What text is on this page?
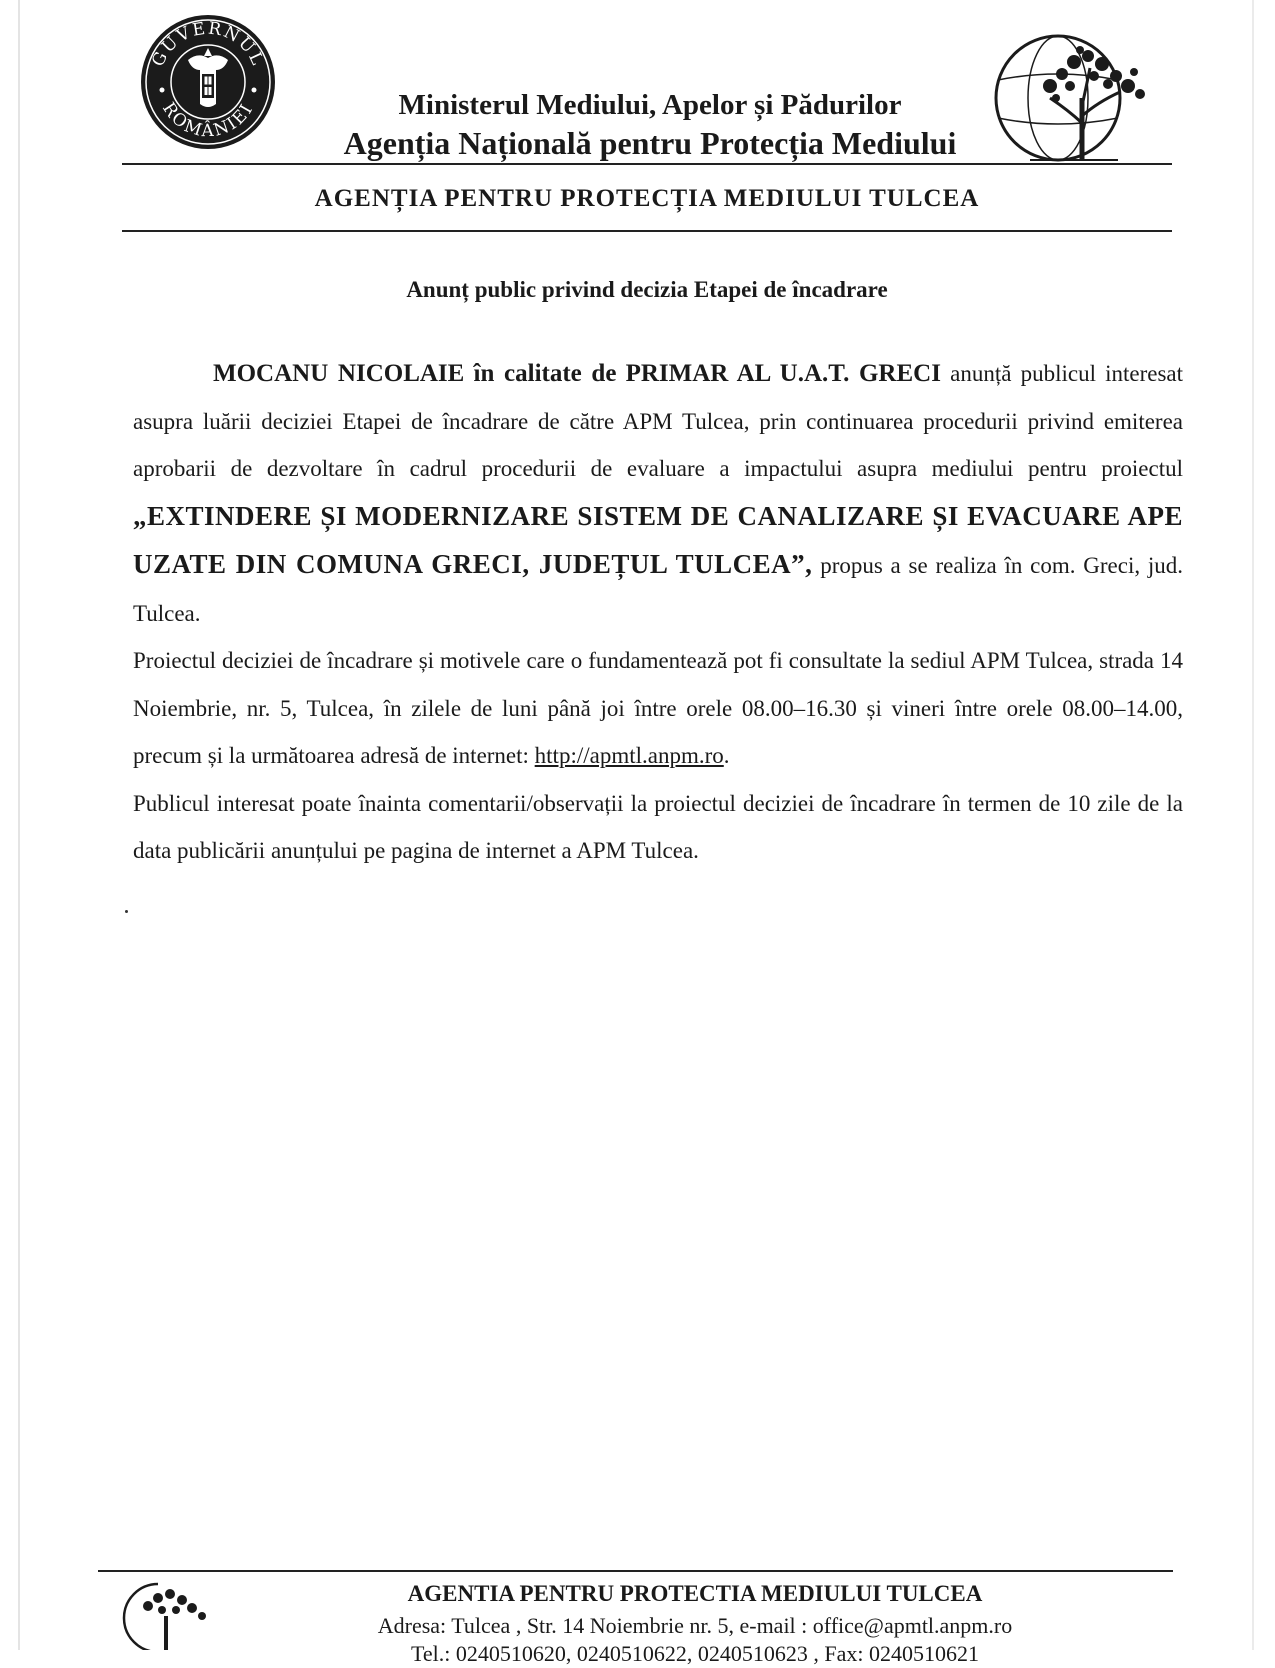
GUVERNUL
ROMÂNIEI	Ministerul Mediului, Apelor și Pădurilor
Agenția Națională pentru Protecția Mediului
AGENȚIA PENTRU PROTECȚIA MEDIULUI TULCEA
Anunț public privind decizia Etapei de încadrare

MOCANU NICOLAIE în calitate de PRIMAR AL U.A.T. GRECI anunță publicul interesat asupra luării deciziei Etapei de încadrare de către APM Tulcea, prin continuarea procedurii privind emiterea aprobarii de dezvoltare în cadrul procedurii de evaluare a impactului asupra mediului pentru proiectul „EXTINDERE ȘI MODERNIZARE SISTEM DE CANALIZARE ȘI EVACUARE APE UZATE DIN COMUNA GRECI, JUDEȚUL TULCEA”, propus a se realiza în com. Greci, jud. Tulcea.

Proiectul deciziei de încadrare și motivele care o fundamentează pot fi consultate la sediul APM Tulcea, strada 14 Noiembrie, nr. 5, Tulcea, în zilele de luni până joi între orele 08.00–16.30 și vineri între orele 08.00–14.00, precum și la următoarea adresă de internet: http://apmtl.anpm.ro.

Publicul interesat poate înainta comentarii/observații la proiectul deciziei de încadrare în termen de 10 zile de la data publicării anunțului pe pagina de internet a APM Tulcea.

AGENTIA PENTRU PROTECTIA MEDIULUI TULCEA
Adresa: Tulcea , Str. 14 Noiembrie nr. 5, e-mail : office@apmtl.anpm.ro
Tel.: 0240510620, 0240510622, 0240510623 , Fax: 0240510621
